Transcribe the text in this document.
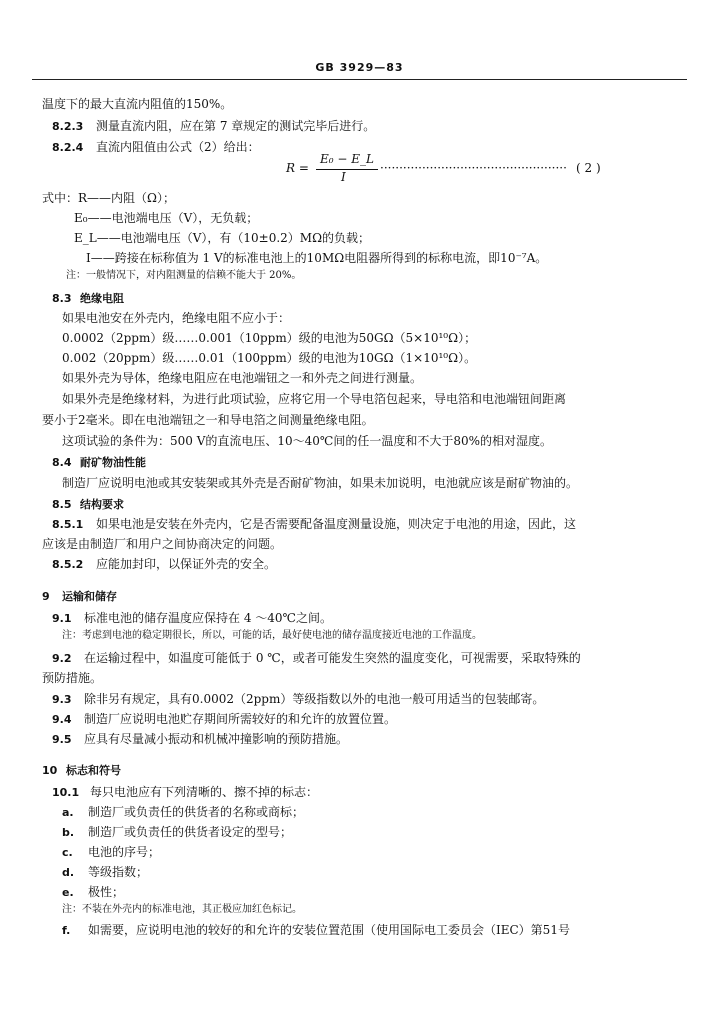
GB 3929—83
温度下的最大直流内阻值的150%。
8.2.3 测量直流内阻，应在第 7 章规定的测试完毕后进行。
8.2.4 直流内阻值由公式（2）给出：
R =
E₀ − E_L
I
················································· ( 2 )
式中：R——内阻（Ω）；
E₀——电池端电压（V），无负载；
E_L——电池端电压（V），有（10±0.2）MΩ的负载；
I——跨接在标称值为 1 V的标准电池上的10MΩ电阻器所得到的标称电流，即10⁻⁷A。
注：一般情况下，对内阻测量的信赖不能大于 20%。
8.3 绝缘电阻
如果电池安在外壳内，绝缘电阻不应小于：
0.0002（2ppm）级……0.001（10ppm）级的电池为50GΩ（5×10¹⁰Ω）；
0.002（20ppm）级……0.01（100ppm）级的电池为10GΩ（1×10¹⁰Ω）。
如果外壳为导体，绝缘电阻应在电池端钮之一和外壳之间进行测量。
如果外壳是绝缘材料，为进行此项试验，应将它用一个导电箔包起来，导电箔和电池端钮间距离
要小于2毫米。即在电池端钮之一和导电箔之间测量绝缘电阻。
这项试验的条件为：500 V的直流电压、10～40℃间的任一温度和不大于80%的相对湿度。
8.4 耐矿物油性能
制造厂应说明电池或其安装架或其外壳是否耐矿物油，如果未加说明，电池就应该是耐矿物油的。
8.5 结构要求
8.5.1 如果电池是安装在外壳内，它是否需要配备温度测量设施，则决定于电池的用途，因此，这
应该是由制造厂和用户之间协商决定的问题。
8.5.2 应能加封印，以保证外壳的安全。
9 运输和储存
9.1 标准电池的储存温度应保持在 4 ～40℃之间。
注：考虑到电池的稳定期很长，所以，可能的话，最好使电池的储存温度接近电池的工作温度。
9.2 在运输过程中，如温度可能低于 0 ℃，或者可能发生突然的温度变化，可视需要，采取特殊的
预防措施。
9.3 除非另有规定，具有0.0002（2ppm）等级指数以外的电池一般可用适当的包装邮寄。
9.4 制造厂应说明电池贮存期间所需较好的和允许的放置位置。
9.5 应具有尽量减小振动和机械冲撞影响的预防措施。
10 标志和符号
10.1 每只电池应有下列清晰的、擦不掉的标志：
a. 制造厂或负责任的供货者的名称或商标；
b. 制造厂或负责任的供货者设定的型号；
c. 电池的序号；
d. 等级指数；
e. 极性；
注：不装在外壳内的标准电池，其正极应加红色标记。
f. 如需要，应说明电池的较好的和允许的安装位置范围（使用国际电工委员会（IEC）第51号
